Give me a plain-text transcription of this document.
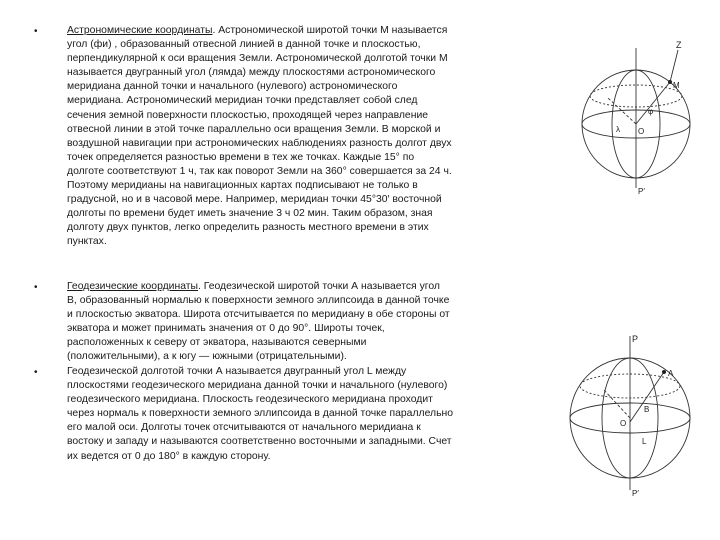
•	Астрономические координаты. Астрономической широтой точки М называется
угол (фи) , образованный отвесной линией в данной точке и плоскостью,
перпендикулярной к оси вращения Земли. Астрономической долготой точки М
называется двугранный угол (лямда) между плоскостями астрономического
меридиана данной точки и начального (нулевого) астрономического
меридиана. Астрономический меридиан точки представляет собой след
сечения земной поверхности плоскостью, проходящей через направление
отвесной линии в этой точке параллельно оси вращения Земли. В морской и
воздушной навигации при астрономических наблюдениях разность долгот двух
точек определяется разностью времени в тех же точках. Каждые 15° по
долготе соответствуют 1 ч, так как поворот Земли на 360° совершается за 24 ч.
Поэтому меридианы на навигационных картах подписывают не только в
градусной, но и в часовой мере. Например, меридиан точки 45°30′ восточной
долготы по времени будет иметь значение 3 ч 02 мин. Таким образом, зная
долготу двух пунктов, легко определить разность местного времени в этих
пунктах.
•	Геодезические координаты. Геодезической широтой точки А называется угол
В, образованный нормалью к поверхности земного эллипсоида в данной точке
и плоскостью экватора. Широта отсчитывается по меридиану в обе стороны от
экватора и может принимать значения от 0 до 90°. Широты точек,
расположенных к северу от экватора, называются северными
(положительными), а к югу — южными (отрицательными).
•	Геодезической долготой точки А называется двугранный угол L между
плоскостями геодезического меридиана данной точки и начального (нулевого)
геодезического меридиана. Плоскость геодезического меридиана проходит
через нормаль к поверхности земного эллипсоида в данной точке параллельно
его малой оси. Долготы точек отсчитываются от начального меридиана к
востоку и западу и называются соответственно восточными и западными. Счет
их ведется от 0 до 180° в каждую сторону.
Z
M
λ
φ
O
P′
P
A
L
B
O
P′
